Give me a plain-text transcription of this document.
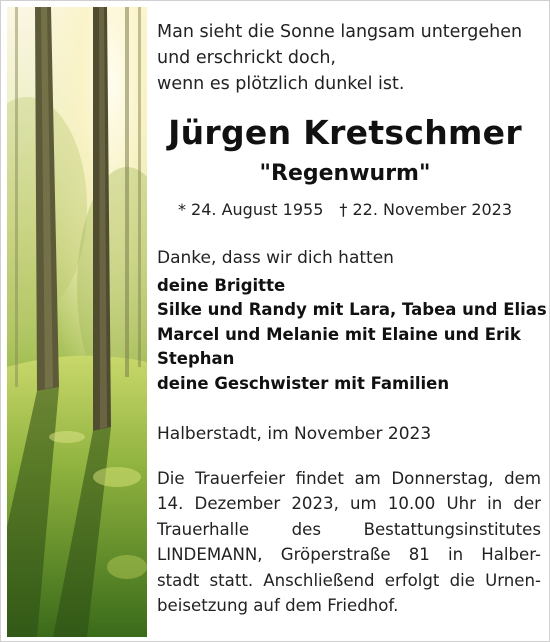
Man sieht die Sonne langsam untergehen
und erschrickt doch,
wenn es plötzlich dunkel ist.
Jürgen Kretschmer
"Regenwurm"
* 24. August 1955 † 22. November 2023
Danke, dass wir dich hatten
deine Brigitte
Silke und Randy mit Lara, Tabea und Elias
Marcel und Melanie mit Elaine und Erik
Stephan
deine Geschwister mit Familien
Halberstadt, im November 2023
Die Trauerfeier findet am Donnerstag, dem
14. Dezember 2023, um 10.00 Uhr in der
Trauerhalle des Bestattungsinstitutes
LINDEMANN, Gröperstraße 81 in Halber-
stadt statt. Anschließend erfolgt die Urnen-
beisetzung auf dem Friedhof.
